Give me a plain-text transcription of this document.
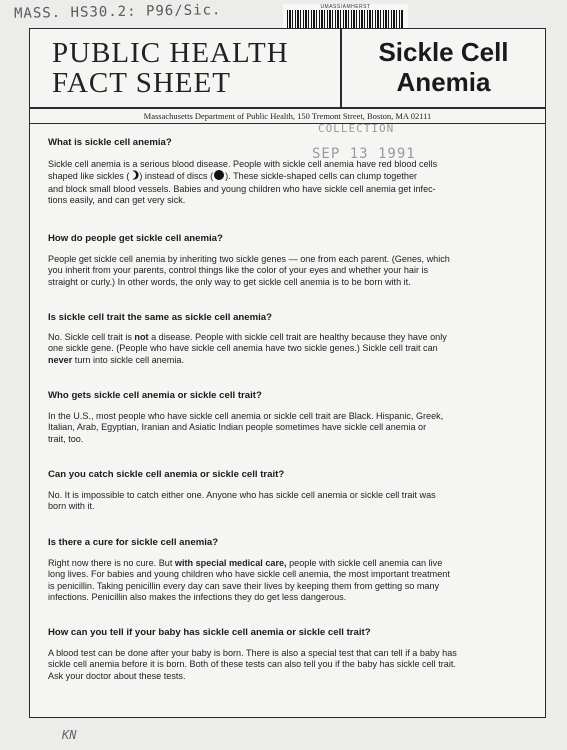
MASS. HS30.2: P96/Sic.	UMASS/AMHERST
PUBLIC HEALTH
FACT SHEET
Sickle Cell
Anemia
Massachusetts Department of Public Health, 150 Tremont Street, Boston, MA 02111
COLLECTION
SEP 13 1991

What is sickle cell anemia?

Sickle cell anemia is a serious blood disease. People with sickle cell anemia have red blood cells

shaped like sickles ( ) instead of discs ( ). These sickle-shaped cells can clump together

and block small blood vessels. Babies and young children who have sickle cell anemia get infec-

tions easily, and can get very sick.

How do people get sickle cell anemia?

People get sickle cell anemia by inheriting two sickle genes — one from each parent. (Genes, which

you inherit from your parents, control things like the color of your eyes and whether your hair is

straight or curly.) In other words, the only way to get sickle cell anemia is to be born with it.

Is sickle cell trait the same as sickle cell anemia?

No. Sickle cell trait is not a disease. People with sickle cell trait are healthy because they have only

one sickle gene. (People who have sickle cell anemia have two sickle genes.) Sickle cell trait can

never turn into sickle cell anemia.

Who gets sickle cell anemia or sickle cell trait?

In the U.S., most people who have sickle cell anemia or sickle cell trait are Black. Hispanic, Greek,

Italian, Arab, Egyptian, Iranian and Asiatic Indian people sometimes have sickle cell anemia or

trait, too.

Can you catch sickle cell anemia or sickle cell trait?

No. It is impossible to catch either one. Anyone who has sickle cell anemia or sickle cell trait was

born with it.

Is there a cure for sickle cell anemia?

Right now there is no cure. But with special medical care, people with sickle cell anemia can live

long lives. For babies and young children who have sickle cell anemia, the most important treatment

is penicillin. Taking penicillin every day can save their lives by keeping them from getting so many

infections. Penicillin also makes the infections they do get less dangerous.

How can you tell if your baby has sickle cell anemia or sickle cell trait?

A blood test can be done after your baby is born. There is also a special test that can tell if a baby has

sickle cell anemia before it is born. Both of these tests can also tell you if the baby has sickle cell trait.

Ask your doctor about these tests.

KN
